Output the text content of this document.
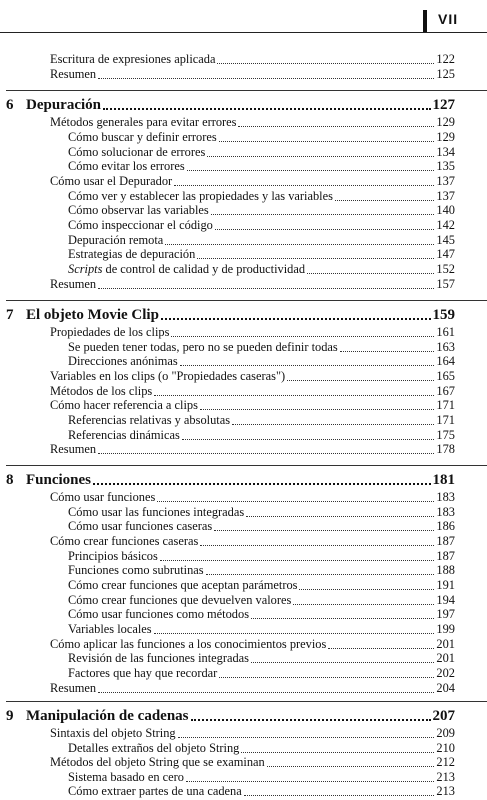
VII
Escritura de expresiones aplicada	122
Resumen	125
6 Depuración	127
Métodos generales para evitar errores	129
Cómo buscar y definir errores	129
Cómo solucionar de errores	134
Cómo evitar los errores	135
Cómo usar el Depurador	137
Cómo ver y establecer las propiedades y las variables	137
Cómo observar las variables	140
Cómo inspeccionar el código	142
Depuración remota	145
Estrategias de depuración	147
Scripts de control de calidad y de productividad	152
Resumen	157
7 El objeto Movie Clip	159
Propiedades de los clips	161
Se pueden tener todas, pero no se pueden definir todas	163
Direcciones anónimas	164
Variables en los clips (o "Propiedades caseras")	165
Métodos de los clips	167
Cómo hacer referencia a clips	171
Referencias relativas y absolutas	171
Referencias dinámicas	175
Resumen	178
8 Funciones	181
Cómo usar funciones	183
Cómo usar las funciones integradas	183
Cómo usar funciones caseras	186
Cómo crear funciones caseras	187
Principios básicos	187
Funciones como subrutinas	188
Cómo crear funciones que aceptan parámetros	191
Cómo crear funciones que devuelven valores	194
Cómo usar funciones como métodos	197
Variables locales	199
Cómo aplicar las funciones a los conocimientos previos	201
Revisión de las funciones integradas	201
Factores que hay que recordar	202
Resumen	204
9 Manipulación de cadenas	207
Sintaxis del objeto String	209
Detalles extraños del objeto String	210
Métodos del objeto String que se examinan	212
Sistema basado en cero	213
Cómo extraer partes de una cadena	213
